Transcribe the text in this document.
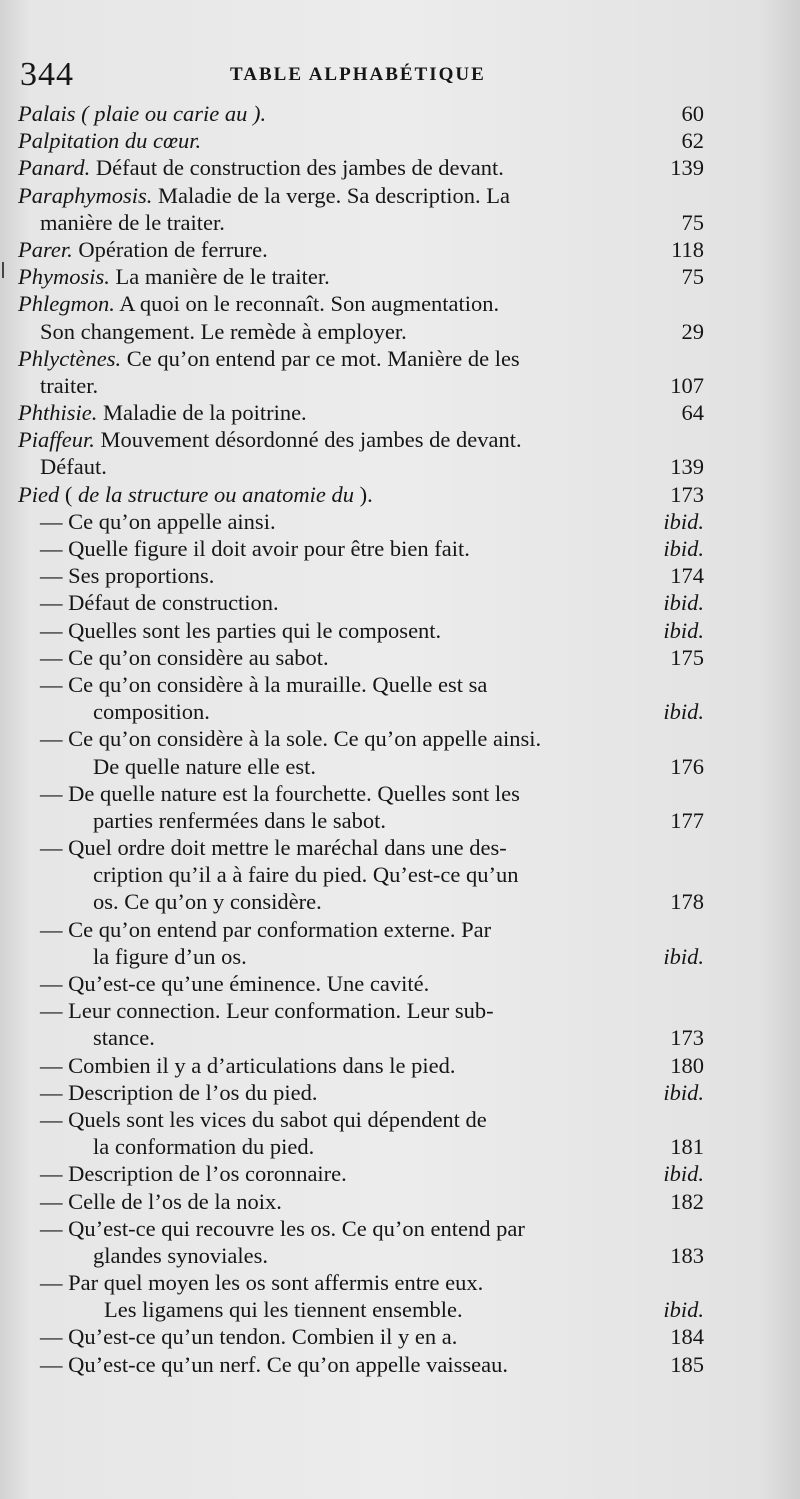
344	TABLE ALPHABÉTIQUE
Palais ( plaie ou carie au ).	60
Palpitation du cœur.	62
Panard. Défaut de construction des jambes de devant.	139
Paraphymosis. Maladie de la verge. Sa description. La
manière de le traiter.	75
Parer. Opération de ferrure.	118
Phymosis. La manière de le traiter.	75
Phlegmon. A quoi on le reconnaît. Son augmentation.
Son changement. Le remède à employer.	29
Phlyctènes. Ce qu’on entend par ce mot. Manière de les
traiter.	107
Phthisie. Maladie de la poitrine.	64
Piaffeur. Mouvement désordonné des jambes de devant.
Défaut.	139
Pied ( de la structure ou anatomie du ).	173
— Ce qu’on appelle ainsi.	ibid.
— Quelle figure il doit avoir pour être bien fait.	ibid.
— Ses proportions.	174
— Défaut de construction.	ibid.
— Quelles sont les parties qui le composent.	ibid.
— Ce qu’on considère au sabot.	175
— Ce qu’on considère à la muraille. Quelle est sa
composition.	ibid.
— Ce qu’on considère à la sole. Ce qu’on appelle ainsi.
De quelle nature elle est.	176
— De quelle nature est la fourchette. Quelles sont les
parties renfermées dans le sabot.	177
— Quel ordre doit mettre le maréchal dans une des-
cription qu’il a à faire du pied. Qu’est-ce qu’un
os. Ce qu’on y considère.	178
— Ce qu’on entend par conformation externe. Par
la figure d’un os.	ibid.
— Qu’est-ce qu’une éminence. Une cavité.
— Leur connection. Leur conformation. Leur sub-
stance.	173
— Combien il y a d’articulations dans le pied.	180
— Description de l’os du pied.	ibid.
— Quels sont les vices du sabot qui dépendent de
la conformation du pied.	181
— Description de l’os coronnaire.	ibid.
— Celle de l’os de la noix.	182
— Qu’est-ce qui recouvre les os. Ce qu’on entend par
glandes synoviales.	183
— Par quel moyen les os sont affermis entre eux.
Les ligamens qui les tiennent ensemble.	ibid.
— Qu’est-ce qu’un tendon. Combien il y en a.	184
— Qu’est-ce qu’un nerf. Ce qu’on appelle vaisseau.	185
